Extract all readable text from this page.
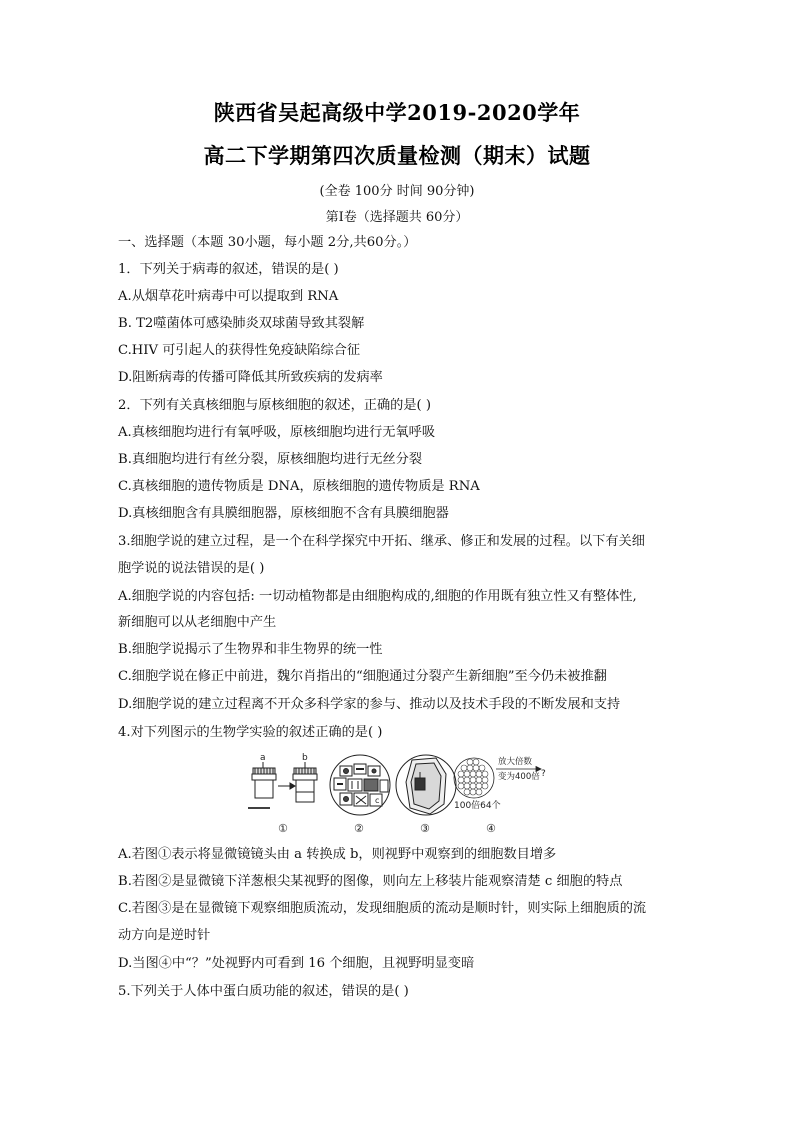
陕西省吴起高级中学2019-2020学年
高二下学期第四次质量检测（期末）试题
(全卷 100分 时间 90分钟)
第Ⅰ卷（选择题共 60分）
一、选择题（本题 30小题，每小题 2分,共60分。）
1．下列关于病毒的叙述，错误的是( )
A.从烟草花叶病毒中可以提取到 RNA
B. T2噬菌体可感染肺炎双球菌导致其裂解
C.HIV 可引起人的获得性免疫缺陷综合征
D.阻断病毒的传播可降低其所致疾病的发病率
2．下列有关真核细胞与原核细胞的叙述，正确的是( )
A.真核细胞均进行有氧呼吸，原核细胞均进行无氧呼吸
B.真细胞均进行有丝分裂，原核细胞均进行无丝分裂
C.真核细胞的遗传物质是 DNA，原核细胞的遗传物质是 RNA
D.真核细胞含有具膜细胞器，原核细胞不含有具膜细胞器
3.细胞学说的建立过程，是一个在科学探究中开拓、继承、修正和发展的过程。以下有关细
胞学说的说法错误的是( )
A.细胞学说的内容包括: 一切动植物都是由细胞构成的,细胞的作用既有独立性又有整体性,
新细胞可以从老细胞中产生
B.细胞学说揭示了生物界和非生物界的统一性
C.细胞学说在修正中前进，魏尔肖指出的“细胞通过分裂产生新细胞”至今仍未被推翻
D.细胞学说的建立过程离不开众多科学家的参与、推动以及技术手段的不断发展和支持
4.对下列图示的生物学实验的叙述正确的是( )
a	b
c
放大倍数
变为400倍 ?
100倍64个
①	②	③	④
A.若图①表示将显微镜镜头由 a 转换成 b，则视野中观察到的细胞数目增多
B.若图②是显微镜下洋葱根尖某视野的图像，则向左上移装片能观察清楚 c 细胞的特点
C.若图③是在显微镜下观察细胞质流动，发现细胞质的流动是顺时针，则实际上细胞质的流
动方向是逆时针
D.当图④中“？”处视野内可看到 16 个细胞，且视野明显变暗
5.下列关于人体中蛋白质功能的叙述，错误的是( )
